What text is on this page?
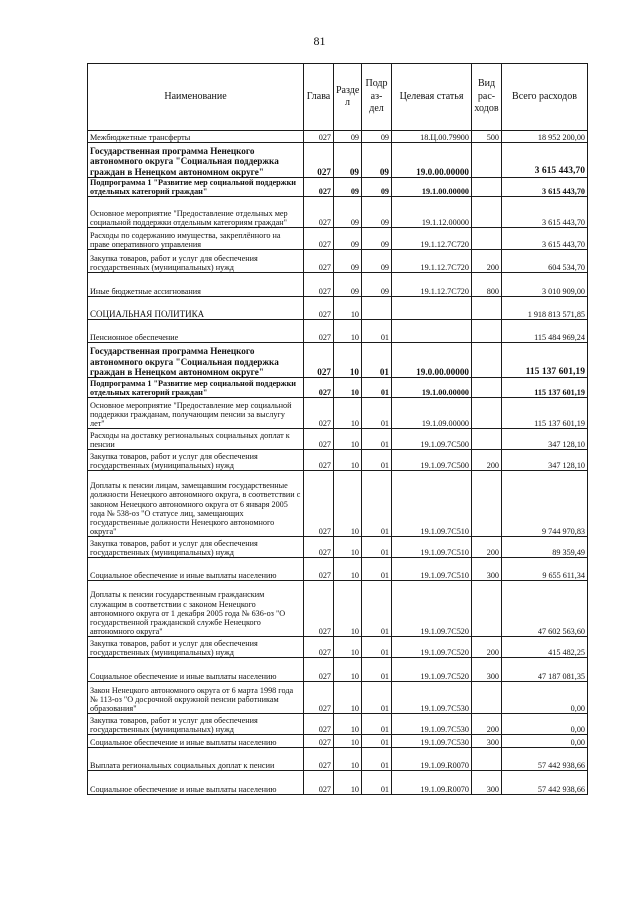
81
Наименование	Глава	Разде л	Подр аз- дел	Целевая статья	Вид рас- ходов	Всего расходов
Межбюджетные трансферты	027	09	09	18.Ц.00.79900	500	18 952 200,00
Государственная программа Ненецкого автономного округа "Социальная поддержка граждан в Ненецком автономном округе"	027	09	09	19.0.00.00000		3 615 443,70
Подпрограмма 1 "Развитие мер социальной поддержки отдельных категорий граждан"	027	09	09	19.1.00.00000		3 615 443,70
Основное мероприятие "Предоставление отдельных мер социальной поддержки отдельным категориям граждан"	027	09	09	19.1.12.00000		3 615 443,70
Расходы по содержанию имущества, закреплённого на праве оперативного управления	027	09	09	19.1.12.7С720		3 615 443,70
Закупка товаров, работ и услуг для обеспечения государственных (муниципальных) нужд	027	09	09	19.1.12.7С720	200	604 534,70
Иные бюджетные ассигнования	027	09	09	19.1.12.7С720	800	3 010 909,00
СОЦИАЛЬНАЯ ПОЛИТИКА	027	10				1 918 813 571,85
Пенсионное обеспечение	027	10	01			115 484 969,24
Государственная программа Ненецкого автономного округа "Социальная поддержка граждан в Ненецком автономном округе"	027	10	01	19.0.00.00000		115 137 601,19
Подпрограмма 1 "Развитие мер социальной поддержки отдельных категорий граждан"	027	10	01	19.1.00.00000		115 137 601,19
Основное мероприятие "Предоставление мер социальной поддержки гражданам, получающим пенсии за выслугу лет"	027	10	01	19.1.09.00000		115 137 601,19
Расходы на доставку региональных социальных доплат к пенсии	027	10	01	19.1.09.7С500		347 128,10
Закупка товаров, работ и услуг для обеспечения государственных (муниципальных) нужд	027	10	01	19.1.09.7С500	200	347 128,10
Доплаты к пенсии лицам, замещавшим государственные должности Ненецкого автономного округа, в соответствии с законом Ненецкого автономного округа от 6 января 2005 года № 538-оз "О статусе лиц, замещающих государственные должности Ненецкого автономного округа"	027	10	01	19.1.09.7С510		9 744 970,83
Закупка товаров, работ и услуг для обеспечения государственных (муниципальных) нужд	027	10	01	19.1.09.7С510	200	89 359,49
Социальное обеспечение и иные выплаты населению	027	10	01	19.1.09.7С510	300	9 655 611,34
Доплаты к пенсии государственным гражданским служащим в соответствии с законом Ненецкого автономного округа от 1 декабря 2005 года № 636-оз "О государственной гражданской службе Ненецкого автономного округа"	027	10	01	19.1.09.7С520		47 602 563,60
Закупка товаров, работ и услуг для обеспечения государственных (муниципальных) нужд	027	10	01	19.1.09.7С520	200	415 482,25
Социальное обеспечение и иные выплаты населению	027	10	01	19.1.09.7С520	300	47 187 081,35
Закон Ненецкого автономного округа от 6 марта 1998 года № 113-оз "О досрочной окружной пенсии работникам образования"	027	10	01	19.1.09.7С530		0,00
Закупка товаров, работ и услуг для обеспечения государственных (муниципальных) нужд	027	10	01	19.1.09.7С530	200	0,00
Социальное обеспечение и иные выплаты населению	027	10	01	19.1.09.7С530	300	0,00
Выплата региональных социальных доплат к пенсии	027	10	01	19.1.09.R0070		57 442 938,66
Социальное обеспечение и иные выплаты населению	027	10	01	19.1.09.R0070	300	57 442 938,66
